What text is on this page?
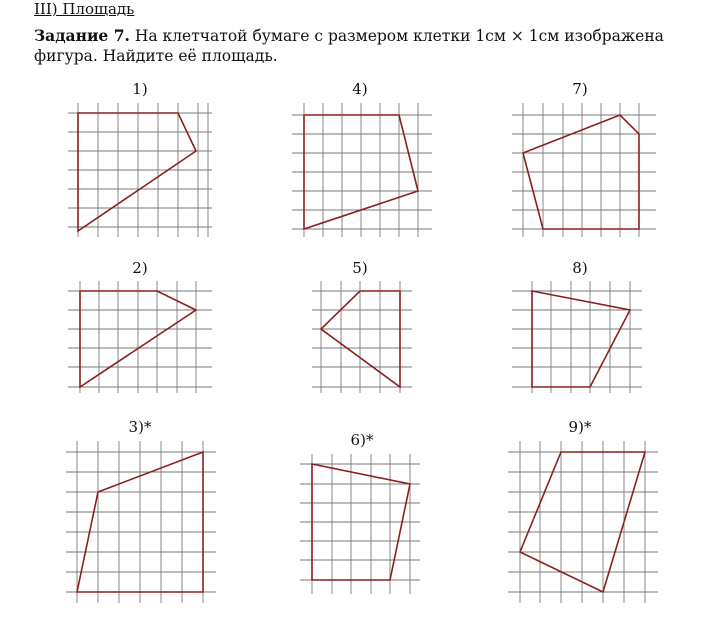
III) Площадь
Задание 7. На клетчатой бумаге с размером клетки 1см × 1см изображена фигура. Найдите её площадь.
1)	4)	7)
2)	5)	8)
3)*
6)*
9)*
